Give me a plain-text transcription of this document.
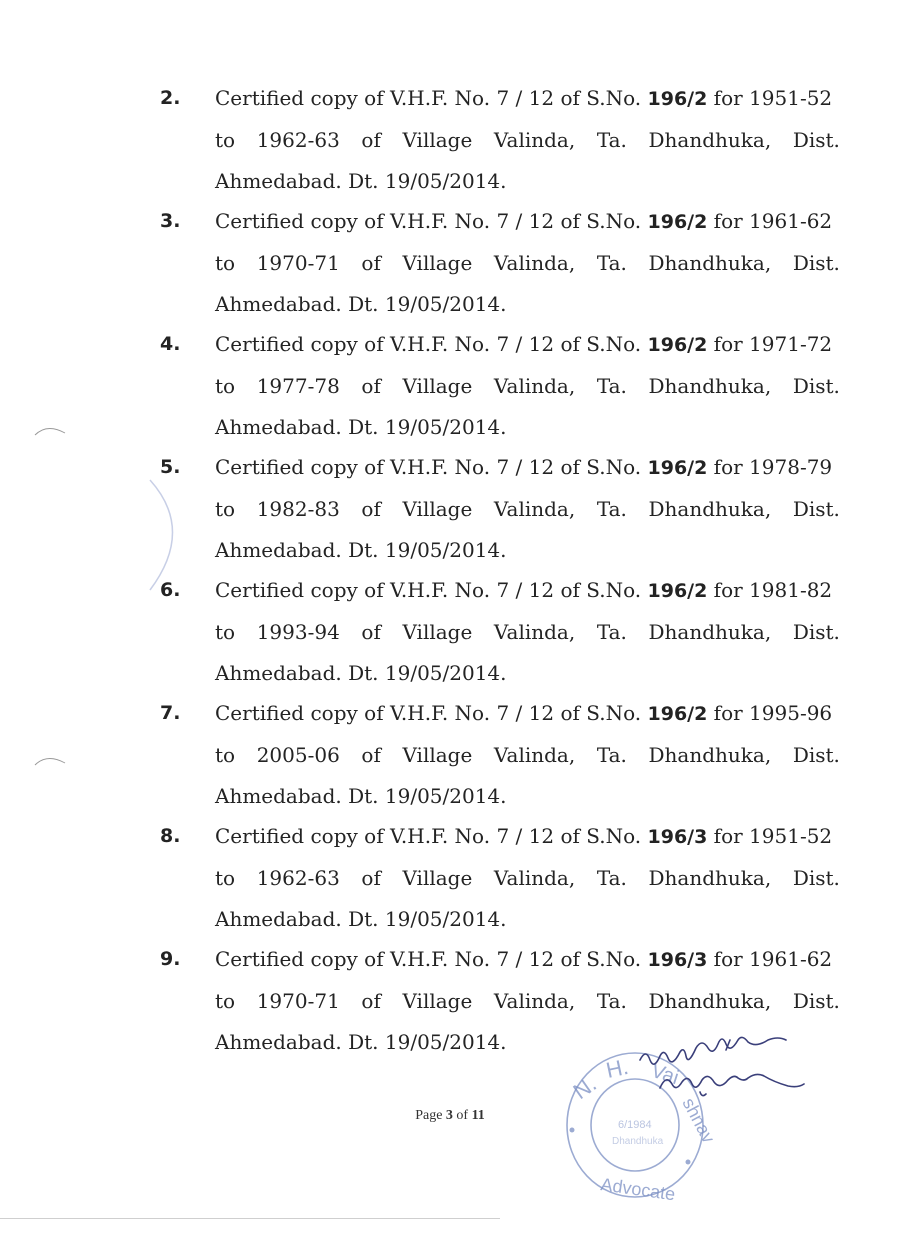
2. Certified copy of V.H.F. No. 7 / 12 of S.No. 196/2 for 1951-52
to 1962-63 of Village Valinda, Ta. Dhandhuka, Dist.
Ahmedabad. Dt. 19/05/2014.
3. Certified copy of V.H.F. No. 7 / 12 of S.No. 196/2 for 1961-62
to 1970-71 of Village Valinda, Ta. Dhandhuka, Dist.
Ahmedabad. Dt. 19/05/2014.
4. Certified copy of V.H.F. No. 7 / 12 of S.No. 196/2 for 1971-72
to 1977-78 of Village Valinda, Ta. Dhandhuka, Dist.
Ahmedabad. Dt. 19/05/2014.
5. Certified copy of V.H.F. No. 7 / 12 of S.No. 196/2 for 1978-79
to 1982-83 of Village Valinda, Ta. Dhandhuka, Dist.
Ahmedabad. Dt. 19/05/2014.
6. Certified copy of V.H.F. No. 7 / 12 of S.No. 196/2 for 1981-82
to 1993-94 of Village Valinda, Ta. Dhandhuka, Dist.
Ahmedabad. Dt. 19/05/2014.
7. Certified copy of V.H.F. No. 7 / 12 of S.No. 196/2 for 1995-96
to 2005-06 of Village Valinda, Ta. Dhandhuka, Dist.
Ahmedabad. Dt. 19/05/2014.
8. Certified copy of V.H.F. No. 7 / 12 of S.No. 196/3 for 1951-52
to 1962-63 of Village Valinda, Ta. Dhandhuka, Dist.
Ahmedabad. Dt. 19/05/2014.
9. Certified copy of V.H.F. No. 7 / 12 of S.No. 196/3 for 1961-62
to 1970-71 of Village Valinda, Ta. Dhandhuka, Dist.
Ahmedabad. Dt. 19/05/2014.
Page 3 of 11
N.
H. Vai
shnav
Advocate
6/1984
Dhandhuka
